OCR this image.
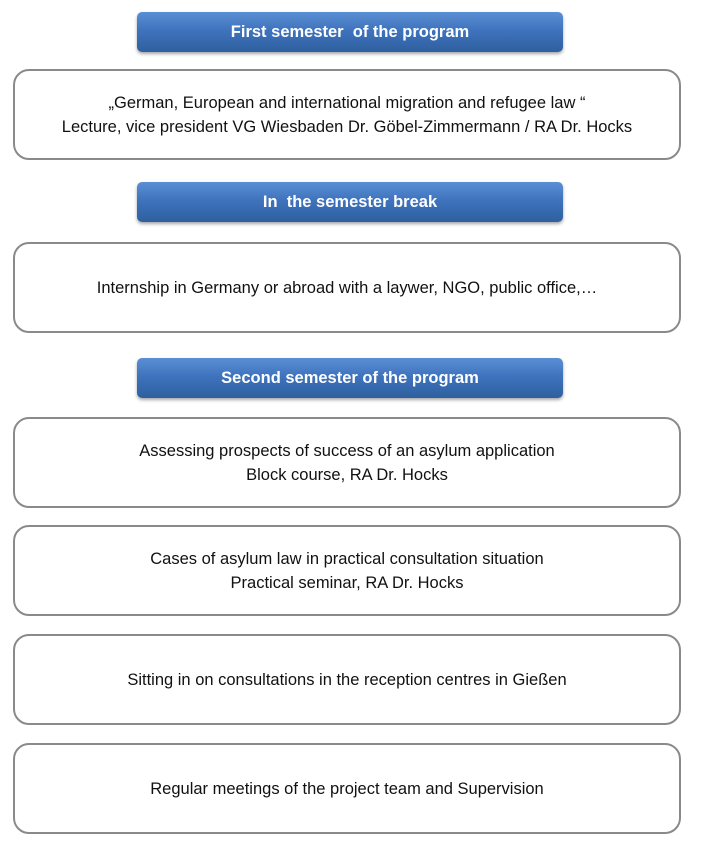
First semester  of the program
„German, European and international migration and refugee law “
Lecture, vice president VG Wiesbaden Dr. Göbel-Zimmermann / RA Dr. Hocks
In  the semester break
Internship in Germany or abroad with a laywer, NGO, public office,…
Second semester of the program
Assessing prospects of success of an asylum application
Block course, RA Dr. Hocks
Cases of asylum law in practical consultation situation
Practical seminar, RA Dr. Hocks
Sitting in on consultations in the reception centres in Gießen
Regular meetings of the project team and Supervision
